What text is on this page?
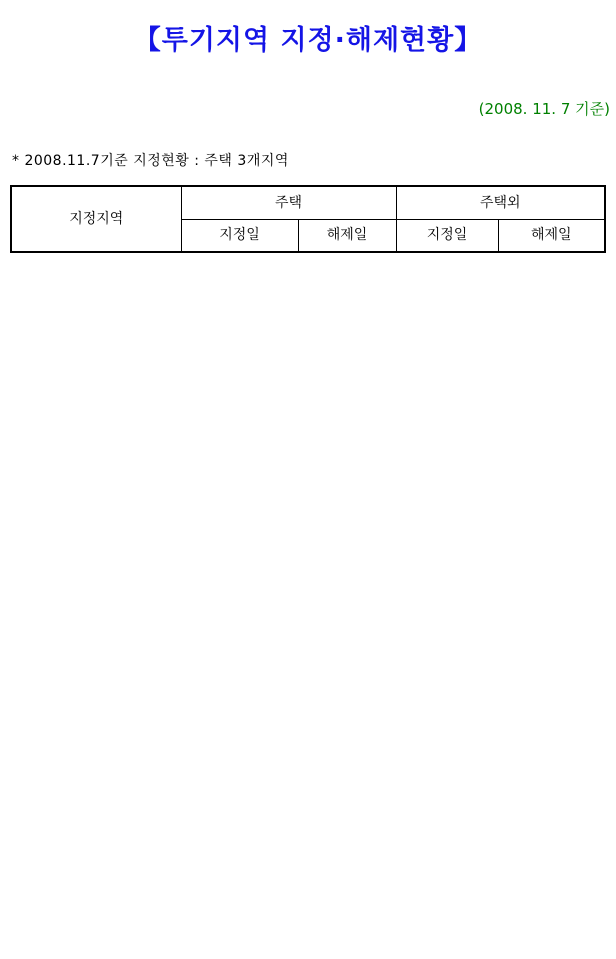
【투기지역 지정·해제현황】
(2008. 11. 7 기준)
* 2008.11.7기준 지정현황 : 주택 3개지역
지정지역	주택		주택외	
	지정일	해제일	지정일	해제일
